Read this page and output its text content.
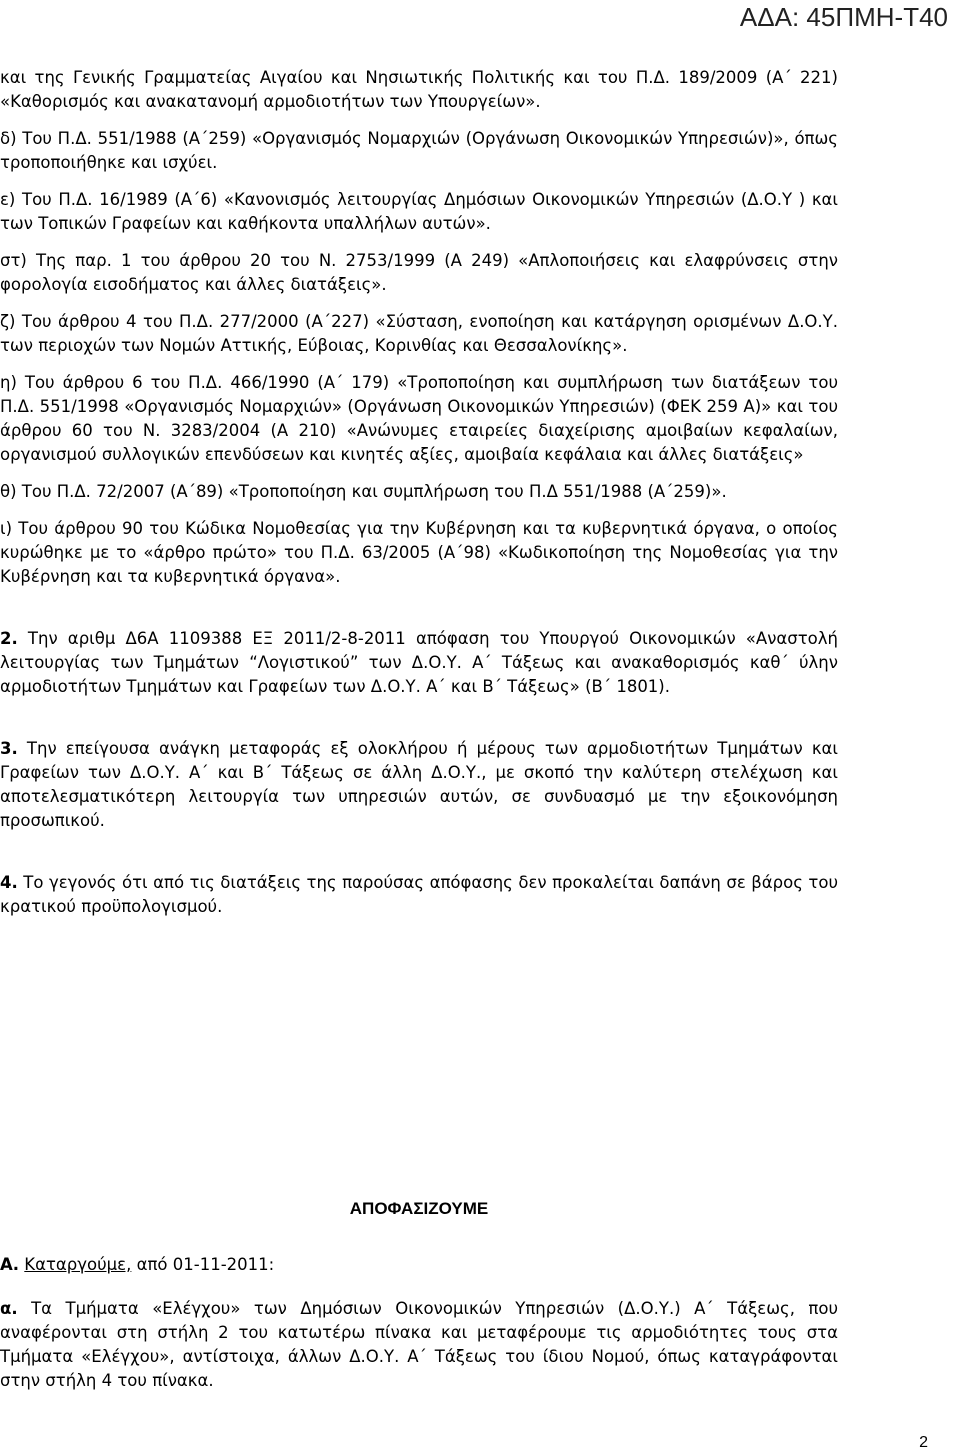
ΑΔΑ: 45ΠΜΗ-Τ40

και της Γενικής Γραμματείας Αιγαίου και Νησιωτικής Πολιτικής και του Π.Δ. 189/2009 (Α΄ 221) «Καθορισμός και ανακατανομή αρμοδιοτήτων των Υπουργείων».

δ) Του Π.Δ. 551/1988 (Α΄259) «Οργανισμός Νομαρχιών (Οργάνωση Οικονομικών Υπηρεσιών)», όπως τροποποιήθηκε και ισχύει.

ε) Του Π.Δ. 16/1989 (Α΄6) «Κανονισμός λειτουργίας Δημόσιων Οικονομικών Υπηρεσιών (Δ.Ο.Υ ) και των Τοπικών Γραφείων και καθήκοντα υπαλλήλων αυτών».

στ) Της παρ. 1 του άρθρου 20 του Ν. 2753/1999 (Α 249) «Απλοποιήσεις και ελαφρύνσεις στην φορολογία εισοδήματος και άλλες διατάξεις».

ζ) Του άρθρου 4 του Π.Δ. 277/2000 (Α΄227) «Σύσταση, ενοποίηση και κατάργηση ορισμένων Δ.Ο.Υ. των περιοχών των Νομών Αττικής, Εύβοιας, Κορινθίας και Θεσσαλονίκης».

η) Του άρθρου 6 του Π.Δ. 466/1990 (Α΄ 179) «Τροποποίηση και συμπλήρωση των διατάξεων του Π.Δ. 551/1998 «Οργανισμός Νομαρχιών» (Οργάνωση Οικονομικών Υπηρεσιών) (ΦΕΚ 259 Α)» και του άρθρου 60 του Ν. 3283/2004 (Α 210) «Ανώνυμες εταιρείες διαχείρισης αμοιβαίων κεφαλαίων, οργανισμού συλλογικών επενδύσεων και κινητές αξίες, αμοιβαία κεφάλαια και άλλες διατάξεις»

θ) Του Π.Δ. 72/2007 (Α΄89) «Τροποποίηση και συμπλήρωση του Π.Δ 551/1988 (Α΄259)».

ι) Του άρθρου 90 του Κώδικα Νομοθεσίας για την Κυβέρνηση και τα κυβερνητικά όργανα, ο οποίος κυρώθηκε με το «άρθρο πρώτο» του Π.Δ. 63/2005 (Α΄98) «Κωδικοποίηση της Νομοθεσίας για την Κυβέρνηση και τα κυβερνητικά όργανα».

2. Την αριθμ Δ6Α 1109388 ΕΞ 2011/2-8-2011 απόφαση του Υπουργού Οικονομικών «Αναστολή λειτουργίας των Τμημάτων “Λογιστικού” των Δ.Ο.Υ. Α΄ Τάξεως και ανακαθορισμός καθ΄ ύλην αρμοδιοτήτων Τμημάτων και Γραφείων των Δ.Ο.Υ. Α΄ και Β΄ Τάξεως» (Β΄ 1801).

3. Την επείγουσα ανάγκη μεταφοράς εξ ολοκλήρου ή μέρους των αρμοδιοτήτων Τμημάτων και Γραφείων των Δ.Ο.Υ. Α΄ και Β΄ Τάξεως σε άλλη Δ.Ο.Υ., με σκοπό την καλύτερη στελέχωση και αποτελεσματικότερη λειτουργία των υπηρεσιών αυτών, σε συνδυασμό με την εξοικονόμηση προσωπικού.

4. Το γεγονός ότι από τις διατάξεις της παρούσας απόφασης δεν προκαλείται δαπάνη σε βάρος του κρατικού προϋπολογισμού.

ΑΠΟΦΑΣΙΖΟΥΜΕ

Α. Καταργούμε, από 01-11-2011:

α. Τα Τμήματα «Ελέγχου» των Δημόσιων Οικονομικών Υπηρεσιών (Δ.Ο.Υ.) Α΄ Τάξεως, που αναφέρονται στη στήλη 2 του κατωτέρω πίνακα και μεταφέρουμε τις αρμοδιότητες τους στα Τμήματα «Ελέγχου», αντίστοιχα, άλλων Δ.Ο.Υ. Α΄ Τάξεως του ίδιου Νομού, όπως καταγράφονται στην στήλη 4 του πίνακα.

2
